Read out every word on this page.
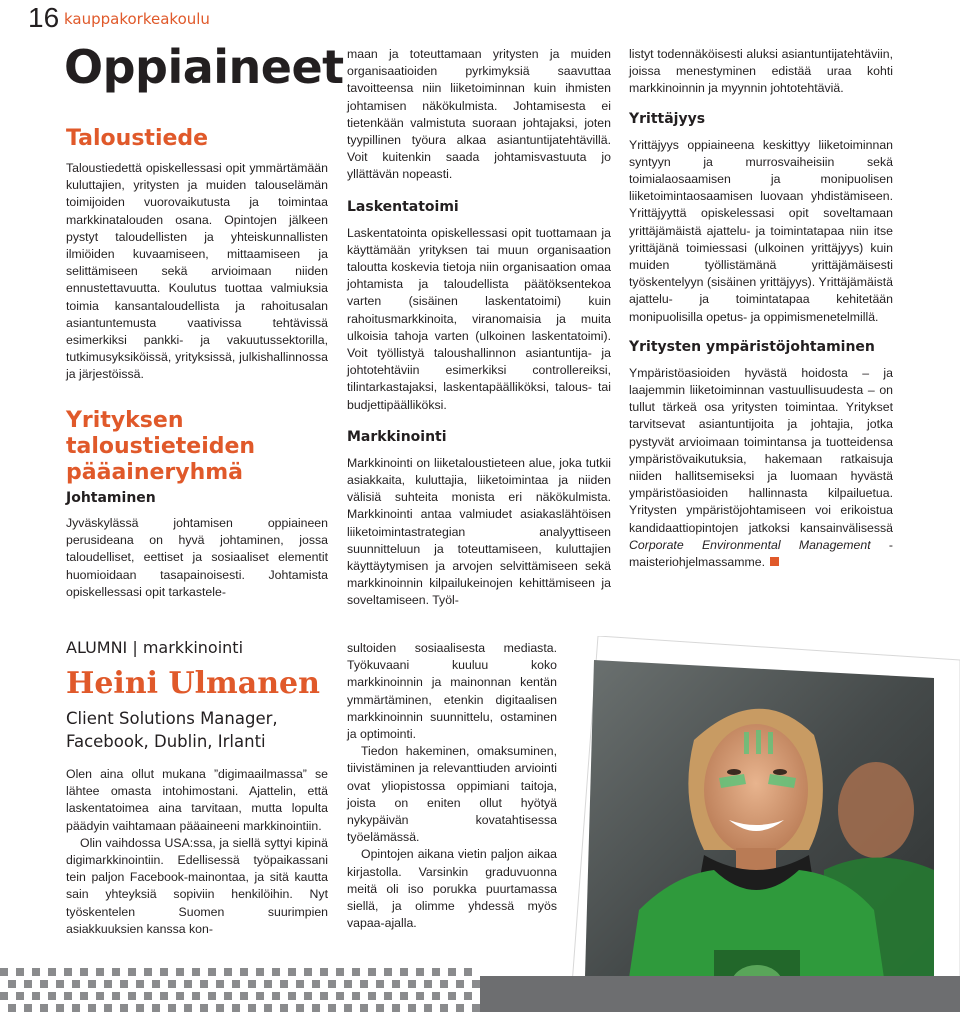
16 kauppakorkeakoulu
Oppiaineet
Taloustiede

Taloustiedettä opiskellessasi opit ymmärtämään kuluttajien, yritysten ja muiden talouselämän toimijoiden vuorovaikutusta ja toimintaa markkinatalouden osana. Opintojen jälkeen pystyt taloudellisten ja yhteiskunnallisten ilmiöiden kuvaamiseen, mittaamiseen ja selittämiseen sekä arvioimaan niiden ennustettavuutta. Koulutus tuottaa valmiuksia toimia kansantaloudellista ja rahoitusalan asiantuntemusta vaativissa tehtävissä esimerkiksi pankki- ja vakuutussektorilla, tutkimusyksiköissä, yrityksissä, julkishallinnossa ja järjestöissä.

Yrityksen taloustieteiden pääaineryhmä
Johtaminen

Jyväskylässä johtamisen oppiaineen perusideana on hyvä johtaminen, jossa taloudelliset, eettiset ja sosiaaliset elementit huomioidaan tasapainoisesti. Johtamista opiskellessasi opit tarkastele-

maan ja toteuttamaan yritysten ja muiden organisaatioiden pyrkimyksiä saavuttaa tavoitteensa niin liiketoiminnan kuin ihmisten johtamisen näkökulmista. Johtamisesta ei tietenkään valmistuta suoraan johtajaksi, joten tyypillinen työura alkaa asiantuntijatehtävillä. Voit kuitenkin saada johtamisvastuuta jo yllättävän nopeasti.

Laskentatoimi

Laskentatointa opiskellessasi opit tuottamaan ja käyttämään yrityksen tai muun organisaation taloutta koskevia tietoja niin organisaation omaa johtamista ja taloudellista päätöksentekoa varten (sisäinen laskentatoimi) kuin rahoitusmarkkinoita, viranomaisia ja muita ulkoisia tahoja varten (ulkoinen laskentatoimi). Voit työllistyä taloushallinnon asiantuntija- ja johtotehtäviin esimerkiksi controllereiksi, tilintarkastajaksi, laskentapäälliköksi, talous- tai budjettipäälliköksi.

Markkinointi

Markkinointi on liiketaloustieteen alue, joka tutkii asiakkaita, kuluttajia, liiketoimintaa ja niiden välisiä suhteita monista eri näkökulmista. Markkinointi antaa valmiudet asiakaslähtöisen liiketoimintastrategian analyyttiseen suunnitteluun ja toteuttamiseen, kuluttajien käyttäytymisen ja arvojen selvittämiseen sekä markkinoinnin kilpailukeinojen kehittämiseen ja soveltamiseen. Työl-

listyt todennäköisesti aluksi asiantuntijatehtäviin, joissa menestyminen edistää uraa kohti markkinoinnin ja myynnin johtotehtäviä.

Yrittäjyys

Yrittäjyys oppiaineena keskittyy liiketoiminnan syntyyn ja murrosvaiheisiin sekä toimialaosaamisen ja monipuolisen liiketoimintaosaamisen luovaan yhdistämiseen. Yrittäjyyttä opiskelessasi opit soveltamaan yrittäjämäistä ajattelu- ja toimintatapaa niin itse yrittäjänä toimiessasi (ulkoinen yrittäjyys) kuin muiden työllistämänä yrittäjämäisesti työskentelyyn (sisäinen yrittäjyys). Yrittäjämäistä ajattelu- ja toimintatapaa kehitetään monipuolisilla opetus- ja oppimismenetelmillä.

Yritysten ympäristöjohtaminen

Ympäristöasioiden hyvästä hoidosta – ja laajemmin liiketoiminnan vastuullisuudesta – on tullut tärkeä osa yritysten toimintaa. Yritykset tarvitsevat asiantuntijoita ja johtajia, jotka pystyvät arvioimaan toimintansa ja tuotteidensa ympäristövaikutuksia, hakemaan ratkaisuja niiden hallitsemiseksi ja luomaan hyvästä ympäristöasioiden hallinnasta kilpailuetua. Yritysten ympäristöjohtamiseen voi erikoistua kandidaattiopintojen jatkoksi kansainvälisessä Corporate Environmental Management -maisteriohjelmassamme.

ALUMNI | markkinointi
Heini Ulmanen
Client Solutions Manager, Facebook, Dublin, Irlanti

Olen aina ollut mukana ”digimaailmassa” se lähtee omasta intohimostani. Ajattelin, että laskentatoimea aina tarvitaan, mutta lopulta päädyin vaihtamaan pääaineeni markkinointiin.

Olin vaihdossa USA:ssa, ja siellä syttyi kipinä digimarkkinointiin. Edellisessä työpaikassani tein paljon Facebook-mainontaa, ja sitä kautta sain yhteyksiä sopiviin henkilöihin. Nyt työskentelen Suomen suurimpien asiakkuuksien kanssa kon-

sultoiden sosiaalisesta mediasta. Työkuvaani kuuluu koko markkinoinnin ja mainonnan kentän ymmärtäminen, etenkin digitaalisen markkinoinnin suunnittelu, ostaminen ja optimointi.

Tiedon hakeminen, omaksuminen, tiivistäminen ja relevanttiuden arviointi ovat yliopistossa oppimiani taitoja, joista on eniten ollut hyötyä nykypäivän kovatahtisessa työelämässä.

Opintojen aikana vietin paljon aikaa kirjastolla. Varsinkin graduvuonna meitä oli iso porukka puurtamassa siellä, ja olimme yhdessä myös vapaa-ajalla.
